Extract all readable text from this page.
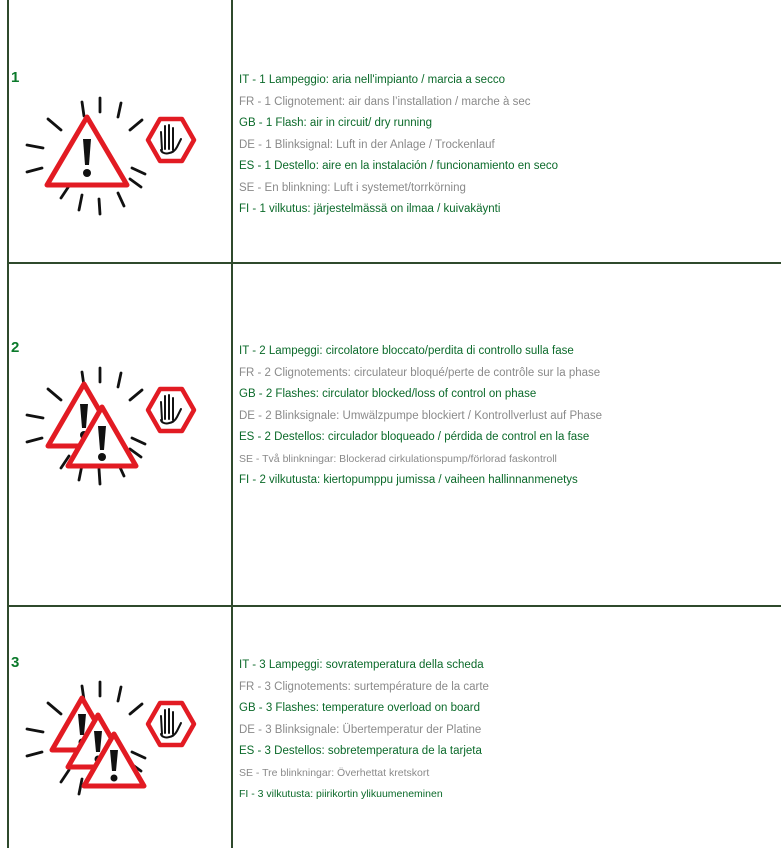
1	IT - 1 Lampeggio: aria nell'impianto / marcia a secco
FR - 1 Clignotement: air dans l’installation / marche à sec
GB - 1 Flash: air in circuit/ dry running
DE - 1 Blinksignal: Luft in der Anlage / Trockenlauf
ES - 1 Destello: aire en la instalación / funcionamiento en seco
SE - En blinkning: Luft i systemet/torrkörning
FI - 1 vilkutus: järjestelmässä on ilmaa / kuivakäynti

2	IT - 2 Lampeggi: circolatore bloccato/perdita di controllo sulla fase
FR - 2 Clignotements: circulateur bloqué/perte de contrôle sur la phase
GB - 2 Flashes: circulator blocked/loss of control on phase
DE - 2 Blinksignale: Umwälzpumpe blockiert / Kontrollverlust auf Phase
ES - 2 Destellos: circulador bloqueado / pérdida de control en la fase
SE - Två blinkningar: Blockerad cirkulationspump/förlorad faskontroll
FI - 2 vilkutusta: kiertopumppu jumissa / vaiheen hallinnanmenetys

3	IT - 3 Lampeggi: sovratemperatura della scheda
FR - 3 Clignotements: surtempérature de la carte
GB - 3 Flashes: temperature overload on board
DE - 3 Blinksignale: Übertemperatur der Platine
ES - 3 Destellos: sobretemperatura de la tarjeta
SE - Tre blinkningar: Överhettat kretskort
FI - 3 vilkutusta: piirikortin ylikuumeneminen
